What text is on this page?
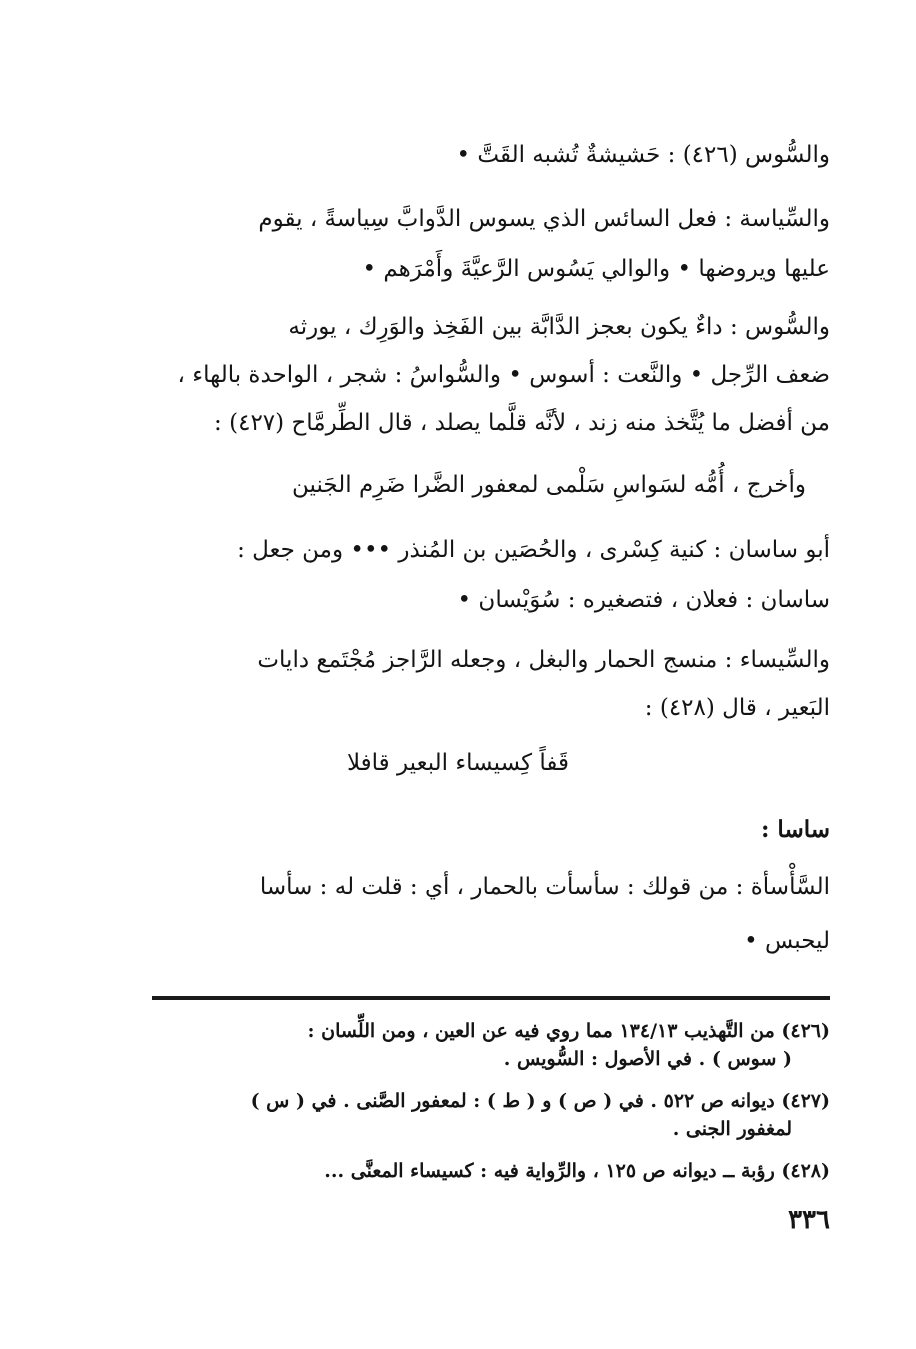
والسُّوس (٤٢٦) : حَشيشةٌ تُشبه القَتَّ •
والسِّياسة : فعل السائس الذي يسوس الدَّوابَّ سِياسةً ، يقوم
عليها ويروضها • والوالي يَسُوس الرَّعيَّةَ وأَمْرَهم •
والسُّوس : داءٌ يكون بعجز الدَّابَّة بين الفَخِذ والوَرِك ، يورثه
ضعف الرِّجل • والنَّعت : أسوس • والسُّواسُ : شجر ، الواحدة بالهاء ،
من أفضل ما يُتَّخذ منه زند ، لأنَّه قلَّما يصلد ، قال الطِّرمَّاح (٤٢٧) :
وأخرج ، أُمُّه لسَواسِ سَلْمى لمعفور الضَّرا ضَرِم الجَنين
أبو ساسان : كنية كِسْرى ، والحُصَين بن المُنذر ••• ومن جعل :
ساسان : فعلان ، فتصغيره : سُوَيْسان •
والسِّيساء : منسج الحمار والبغل ، وجعله الرَّاجز مُجْتَمع دايات
البَعير ، قال (٤٢٨) :
قَفاً كِسيساء البعير قافلا
ساسا :
السَّأْسأة : من قولك : سأسأت بالحمار ، أي : قلت له : سأسا
ليحبس •
(٤٢٦) من التَّهذيب ١٣٤/١٣ مما روي فيه عن العين ، ومن اللِّسان :
( سوس ) . في الأصول : السُّويس .
(٤٢٧) ديوانه ص ٥٢٢ . في ( ص ) و ( ط ) : لمعفور الصَّنى . في ( س )
لمغفور الجنى .
(٤٢٨) رؤبة ــ ديوانه ص ١٢٥ ، والرِّواية فيه : كسيساء المعنَّى ...
٣٣٦
